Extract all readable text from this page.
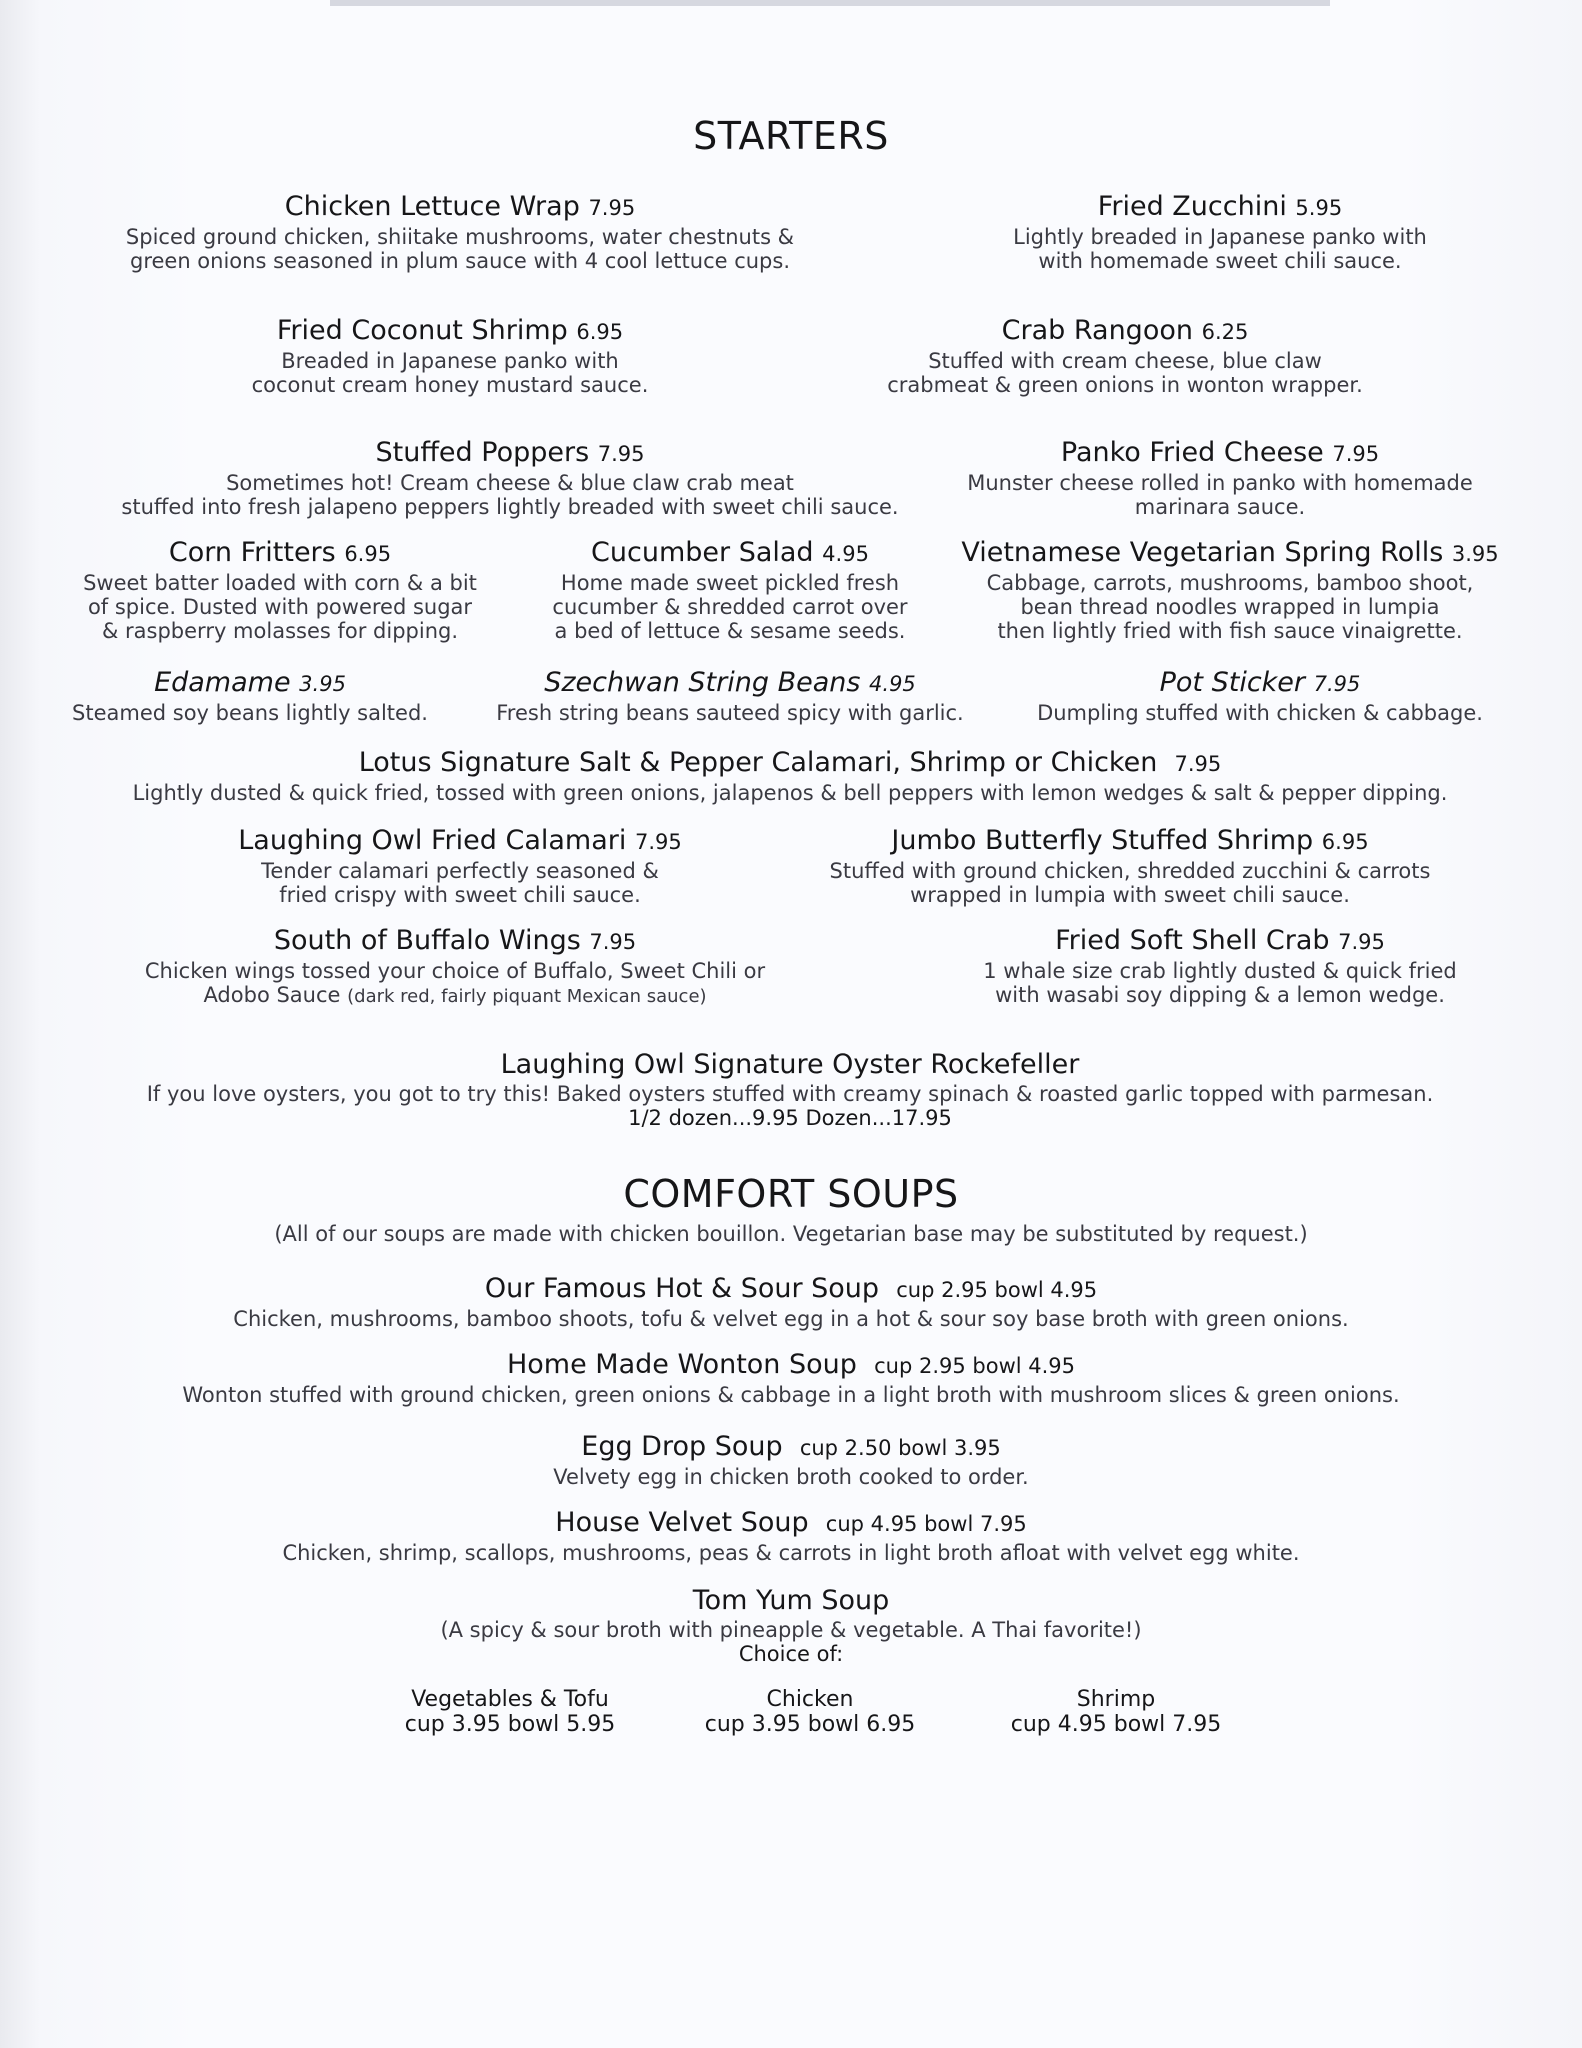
STARTERS
Chicken Lettuce Wrap 7.95
Spiced ground chicken, shiitake mushrooms, water chestnuts &
green onions seasoned in plum sauce with 4 cool lettuce cups.
Fried Zucchini 5.95
Lightly breaded in Japanese panko with
with homemade sweet chili sauce.
Fried Coconut Shrimp 6.95
Breaded in Japanese panko with
coconut cream honey mustard sauce.
Crab Rangoon 6.25
Stuffed with cream cheese, blue claw
crabmeat & green onions in wonton wrapper.
Stuffed Poppers 7.95
Sometimes hot! Cream cheese & blue claw crab meat
stuffed into fresh jalapeno peppers lightly breaded with sweet chili sauce.
Panko Fried Cheese 7.95
Munster cheese rolled in panko with homemade
marinara sauce.
Corn Fritters 6.95
Sweet batter loaded with corn & a bit
of spice. Dusted with powered sugar
& raspberry molasses for dipping.
Cucumber Salad 4.95
Home made sweet pickled fresh
cucumber & shredded carrot over
a bed of lettuce & sesame seeds.
Vietnamese Vegetarian Spring Rolls 3.95
Cabbage, carrots, mushrooms, bamboo shoot,
bean thread noodles wrapped in lumpia
then lightly fried with fish sauce vinaigrette.
Edamame 3.95
Steamed soy beans lightly salted.
Szechwan String Beans 4.95
Fresh string beans sauteed spicy with garlic.
Pot Sticker 7.95
Dumpling stuffed with chicken & cabbage.
Lotus Signature Salt & Pepper Calamari, Shrimp or Chicken 7.95
Lightly dusted & quick fried, tossed with green onions, jalapenos & bell peppers with lemon wedges & salt & pepper dipping.
Laughing Owl Fried Calamari 7.95
Tender calamari perfectly seasoned &
fried crispy with sweet chili sauce.
Jumbo Butterfly Stuffed Shrimp 6.95
Stuffed with ground chicken, shredded zucchini & carrots
wrapped in lumpia with sweet chili sauce.
South of Buffalo Wings 7.95
Chicken wings tossed your choice of Buffalo, Sweet Chili or
Adobo Sauce (dark red, fairly piquant Mexican sauce)
Fried Soft Shell Crab 7.95
1 whale size crab lightly dusted & quick fried
with wasabi soy dipping & a lemon wedge.
Laughing Owl Signature Oyster Rockefeller
If you love oysters, you got to try this! Baked oysters stuffed with creamy spinach & roasted garlic topped with parmesan.
1/2 dozen...9.95 Dozen...17.95
COMFORT SOUPS
(All of our soups are made with chicken bouillon. Vegetarian base may be substituted by request.)
Our Famous Hot & Sour Soup cup 2.95 bowl 4.95
Chicken, mushrooms, bamboo shoots, tofu & velvet egg in a hot & sour soy base broth with green onions.
Home Made Wonton Soup cup 2.95 bowl 4.95
Wonton stuffed with ground chicken, green onions & cabbage in a light broth with mushroom slices & green onions.
Egg Drop Soup cup 2.50 bowl 3.95
Velvety egg in chicken broth cooked to order.
House Velvet Soup cup 4.95 bowl 7.95
Chicken, shrimp, scallops, mushrooms, peas & carrots in light broth afloat with velvet egg white.
Tom Yum Soup
(A spicy & sour broth with pineapple & vegetable. A Thai favorite!)
Choice of:
Vegetables & Tofu
cup 3.95 bowl 5.95
Chicken
cup 3.95 bowl 6.95
Shrimp
cup 4.95 bowl 7.95
